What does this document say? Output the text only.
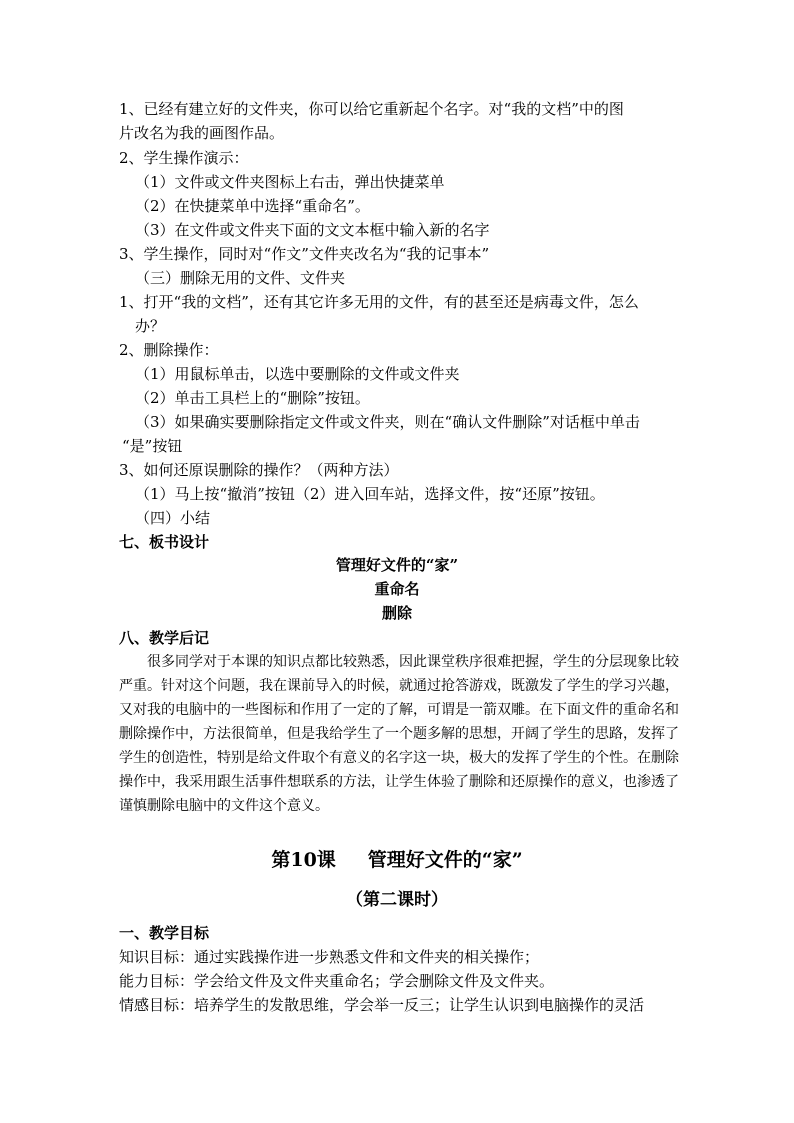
1、已经有建立好的文件夹，你可以给它重新起个名字。对“我的文档”中的图
片改名为我的画图作品。
2、学生操作演示：
（1）文件或文件夹图标上右击，弹出快捷菜单
（2）在快捷菜单中选择“重命名”。
（3）在文件或文件夹下面的文文本框中输入新的名字
3、学生操作，同时对“作文”文件夹改名为“我的记事本”
（三）删除无用的文件、文件夹
1、打开“我的文档”，还有其它许多无用的文件，有的甚至还是病毒文件，怎么
办？
2、删除操作：
（1）用鼠标单击，以选中要删除的文件或文件夹
（2）单击工具栏上的“删除”按钮。
（3）如果确实要删除指定文件或文件夹，则在“确认文件删除”对话框中单击
“是”按钮
3、如何还原误删除的操作？（两种方法）
（1）马上按“撤消”按钮（2）进入回车站，选择文件，按“还原”按钮。
（四）小结
七、板书设计
管理好文件的“家”
重命名
删除
八、教学后记
很多同学对于本课的知识点都比较熟悉，因此课堂秩序很难把握，学生的分层现象比较
严重。针对这个问题，我在课前导入的时候，就通过抢答游戏，既激发了学生的学习兴趣，
又对我的电脑中的一些图标和作用了一定的了解，可谓是一箭双雕。在下面文件的重命名和
删除操作中，方法很简单，但是我给学生了一个题多解的思想，开阔了学生的思路，发挥了
学生的创造性，特别是给文件取个有意义的名字这一块，极大的发挥了学生的个性。在删除
操作中，我采用跟生活事件想联系的方法，让学生体验了删除和还原操作的意义，也渗透了
谨慎删除电脑中的文件这个意义。
第10课 管理好文件的“家”
（第二课时）
一、教学目标
知识目标：通过实践操作进一步熟悉文件和文件夹的相关操作；
能力目标：学会给文件及文件夹重命名；学会删除文件及文件夹。
情感目标：培养学生的发散思维，学会举一反三；让学生认识到电脑操作的灵活
